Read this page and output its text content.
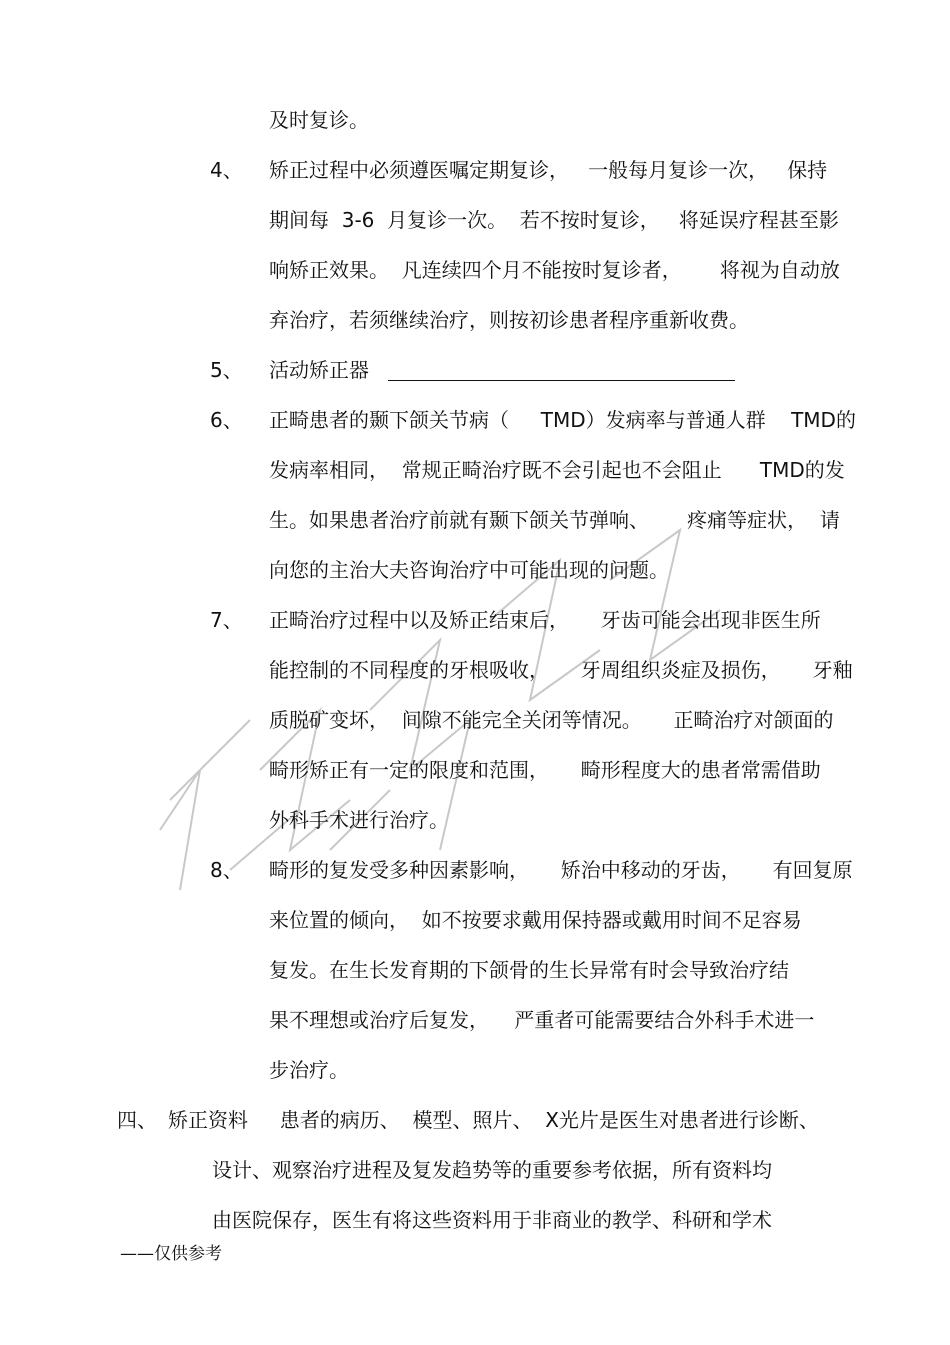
4、
5、
6、
7、
8、
四、
及时复诊。
矫正过程中必须遵医嘱定期复诊，   一般每月复诊一次，   保持
期间每  3-6  月复诊一次。  若不按时复诊，   将延误疗程甚至影
响矫正效果。  凡连续四个月不能按时复诊者，      将视为自动放
弃治疗，若须继续治疗，则按初诊患者程序重新收费。
活动矫正器
正畸患者的颞下颌关节病（     TMD）发病率与普通人群    TMD的
发病率相同，  常规正畸治疗既不会引起也不会阻止      TMD的发
生。如果患者治疗前就有颞下颌关节弹响、      疼痛等症状，  请
向您的主治大夫咨询治疗中可能出现的问题。
正畸治疗过程中以及矫正结束后，     牙齿可能会出现非医生所
能控制的不同程度的牙根吸收，     牙周组织炎症及损伤，     牙釉
质脱矿变坏，  间隙不能完全关闭等情况。     正畸治疗对颌面的
畸形矫正有一定的限度和范围，     畸形程度大的患者常需借助
外科手术进行治疗。
畸形的复发受多种因素影响，     矫治中移动的牙齿，     有回复原
来位置的倾向，  如不按要求戴用保持器或戴用时间不足容易
复发。在生长发育期的下颌骨的生长异常有时会导致治疗结
果不理想或治疗后复发，    严重者可能需要结合外科手术进一
步治疗。
矫正资料     患者的病历、  模型、照片、  X光片是医生对患者进行诊断、
设计、观察治疗进程及复发趋势等的重要参考依据，所有资料均
由医院保存，医生有将这些资料用于非商业的教学、科研和学术
——仅供参考
